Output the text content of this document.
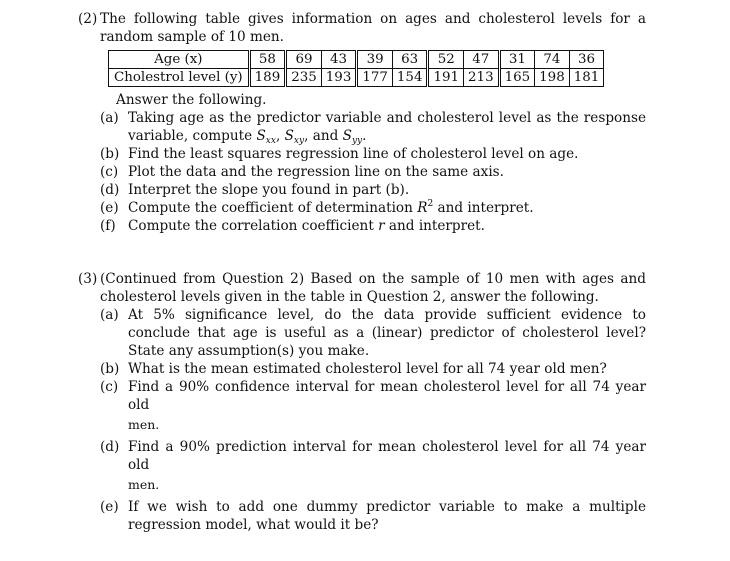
(2) The following table gives information on ages and cholesterol levels for a random sample of 10 men.
Age (x)	58	69	43	39	63	52	47	31	74	36
Cholestrol level (y)	189	235	193	177	154	191	213	165	198	181
Answer the following.
(a) Taking age as the predictor variable and cholesterol level as the response variable, compute $S_{xx}$, $S_{xy}$, and $S_{yy}$.
(b) Find the least squares regression line of cholesterol level on age.
(c) Plot the data and the regression line on the same axis.
(d) Interpret the slope you found in part (b).
(e) Compute the coefficient of determination $R^2$ and interpret.
(f) Compute the correlation coefficient r and interpret.
(3) (Continued from Question 2) Based on the sample of 10 men with ages and cholesterol levels given in the table in Question 2, answer the following.
(a) At 5% significance level, do the data provide sufficient evidence to conclude that age is useful as a (linear) predictor of cholesterol level? State any assumption(s) you make.
(b) What is the mean estimated cholesterol level for all 74 year old men?
(c) Find a 90% confidence interval for mean cholesterol level for all 74 year old
men.
(d) Find a 90% prediction interval for mean cholesterol level for all 74 year old
men.
(e) If we wish to add one dummy predictor variable to make a multiple regression model, what would it be?
